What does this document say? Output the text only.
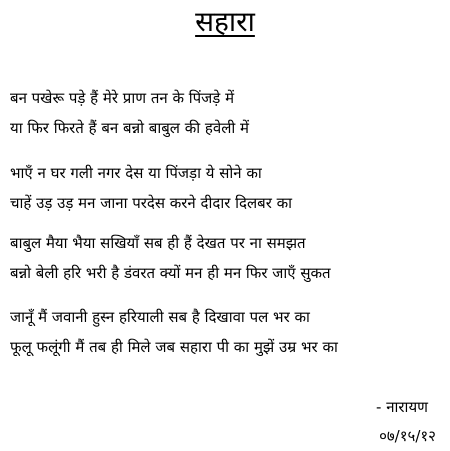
सहारा
बन पखेरू पड़े हैं मेरे प्राण तन के पिंजड़े में
या फिर फिरते हैं बन बन्नो बाबुल की हवेली में
भाएँ न घर गली नगर देस या पिंजड़ा ये सोने का
चाहें उड़ उड़ मन जाना परदेस करने दीदार दिलबर का
बाबुल मैया भैया सखियाँ सब ही हैं देखत पर ना समझत
बन्नो बेली हरि भरी है डंवरत क्यों मन ही मन फिर जाएँ सुकत
जानूँ मैं जवानी हुस्न हरियाली सब है दिखावा पल भर का
फूलू फलूंगी मैं तब ही मिले जब सहारा पी का मुझें उम्र भर का
- नारायण
०७/१५/१२
